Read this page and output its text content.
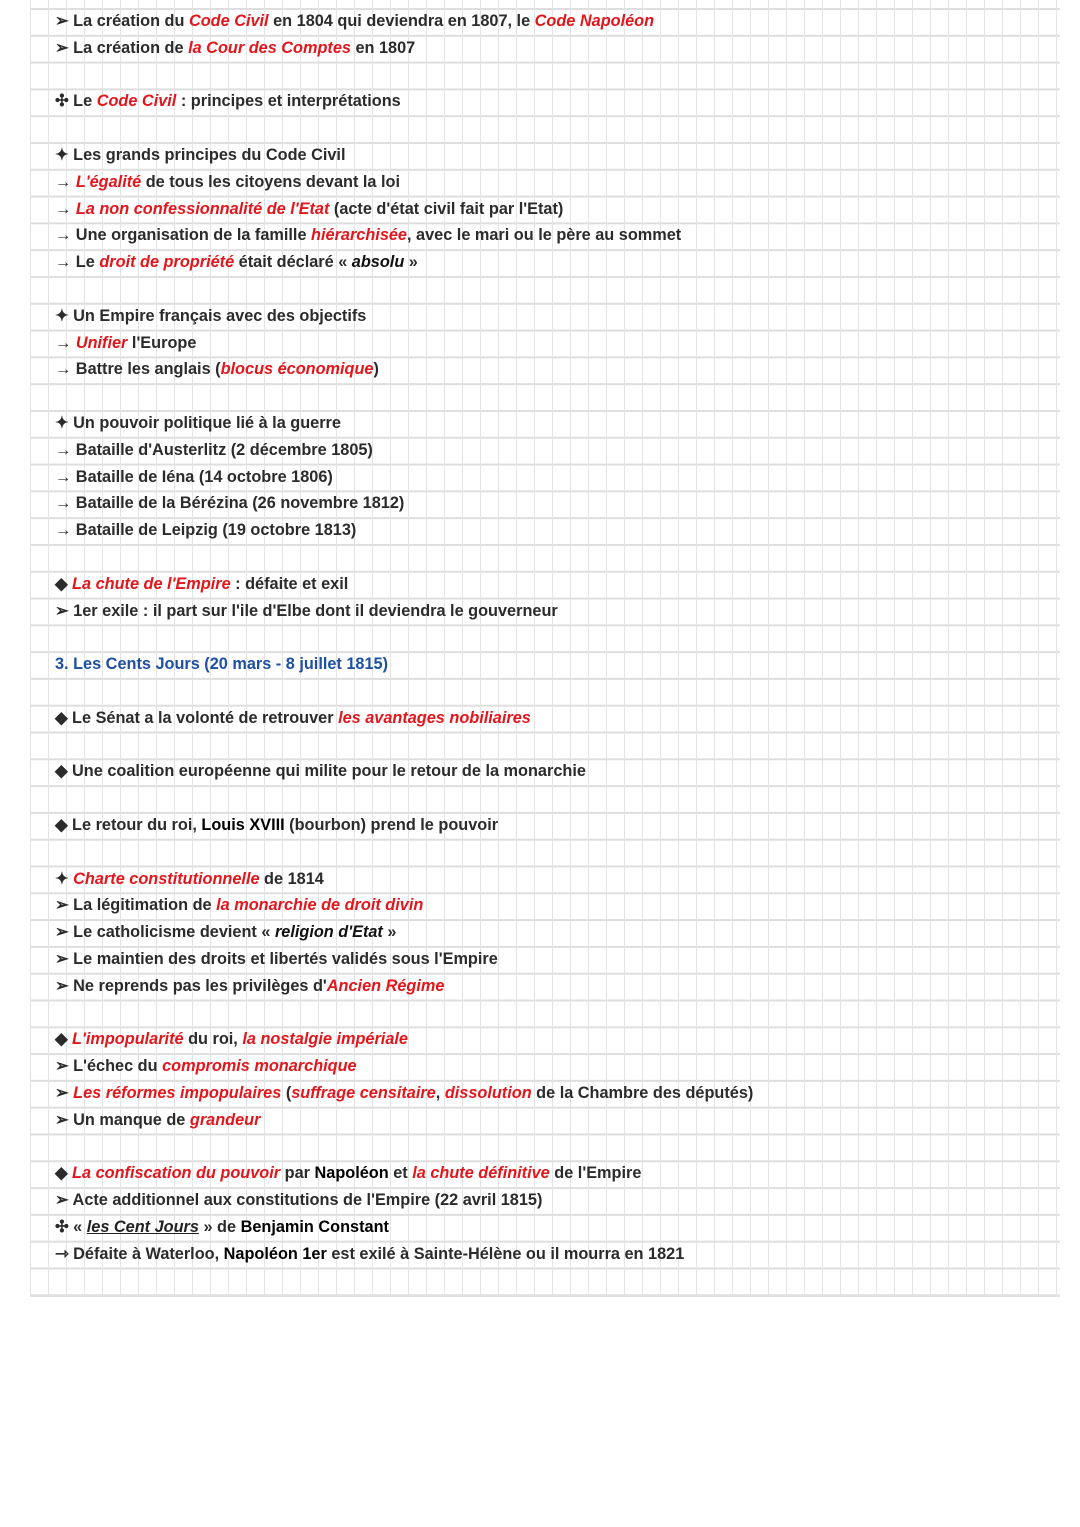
➢ La création du Code Civil en 1804 qui deviendra en 1807, le Code Napoléon
➢ La création de la Cour des Comptes en 1807
✣ Le Code Civil : principes et interprétations
✦ Les grands principes du Code Civil
→ L'égalité de tous les citoyens devant la loi
→ La non confessionnalité de l'Etat (acte d'état civil fait par l'Etat)
→ Une organisation de la famille hiérarchisée, avec le mari ou le père au sommet
→ Le droit de propriété était déclaré « absolu »
✦ Un Empire français avec des objectifs
→ Unifier l'Europe
→ Battre les anglais (blocus économique)
✦ Un pouvoir politique lié à la guerre
→ Bataille d'Austerlitz (2 décembre 1805)
→ Bataille de Iéna (14 octobre 1806)
→ Bataille de la Bérézina (26 novembre 1812)
→ Bataille de Leipzig (19 octobre 1813)
◆ La chute de l'Empire : défaite et exil
➢ 1er exile : il part sur l'ile d'Elbe dont il deviendra le gouverneur
3. Les Cents Jours (20 mars - 8 juillet 1815)
◆ Le Sénat a la volonté de retrouver les avantages nobiliaires
◆ Une coalition européenne qui milite pour le retour de la monarchie
◆ Le retour du roi, Louis XVIII (bourbon) prend le pouvoir
✦ Charte constitutionnelle de 1814
➢ La légitimation de la monarchie de droit divin
➢ Le catholicisme devient « religion d'Etat »
➢ Le maintien des droits et libertés validés sous l'Empire
➢ Ne reprends pas les privilèges d'Ancien Régime
◆ L'impopularité du roi, la nostalgie impériale
➢ L'échec du compromis monarchique
➢ Les réformes impopulaires (suffrage censitaire, dissolution de la Chambre des députés)
➢ Un manque de grandeur
◆ La confiscation du pouvoir par Napoléon et la chute définitive de l'Empire
➢ Acte additionnel aux constitutions de l'Empire (22 avril 1815)
✣ « les Cent Jours » de Benjamin Constant
⇾ Défaite à Waterloo, Napoléon 1er est exilé à Sainte-Hélène ou il mourra en 1821
